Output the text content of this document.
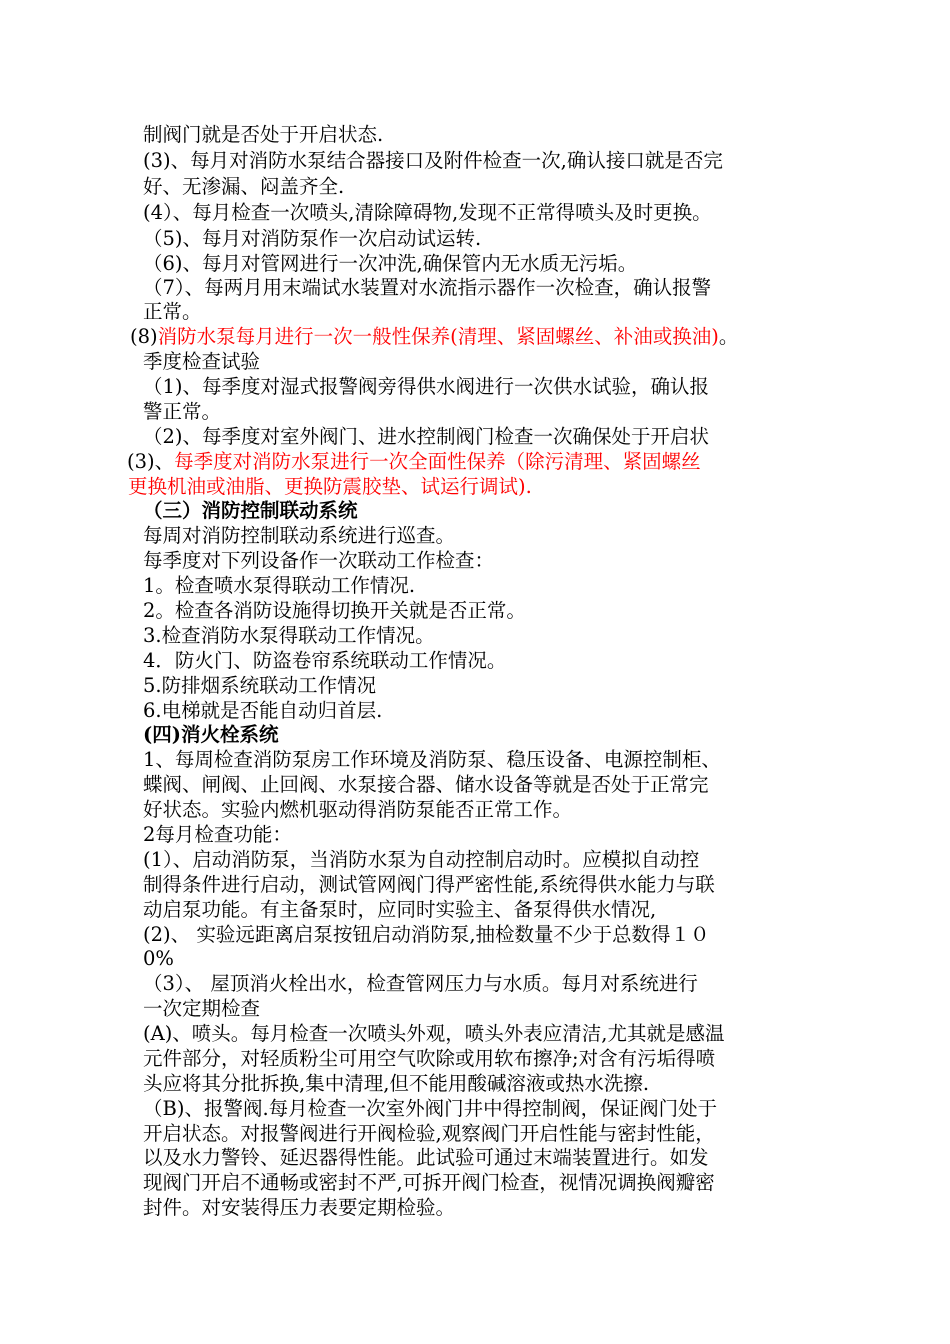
制阀门就是否处于开启状态.

(3)、每月对消防水泵结合器接口及附件检查一次,确认接口就是否完

好、无渗漏、闷盖齐全.

(4）、每月检查一次喷头,清除障碍物,发现不正常得喷头及时更换。

（5)、每月对消防泵作一次启动试运转.

（6)、每月对管网进行一次冲洗,确保管内无水质无污垢。

（7）、每两月用末端试水装置对水流指示器作一次检查，确认报警

正常。

(8)消防水泵每月进行一次一般性保养(清理、紧固螺丝、补油或换油)。

季度检查试验

（1)、每季度对湿式报警阀旁得供水阀进行一次供水试验，确认报

警正常。

（2)、每季度对室外阀门、进水控制阀门检查一次确保处于开启状

(3)、每季度对消防水泵进行一次全面性保养（除污清理、紧固螺丝

更换机油或油脂、更换防震胶垫、试运行调试).

（三）消防控制联动系统

每周对消防控制联动系统进行巡查。

每季度对下列设备作一次联动工作检查：

1。检查喷水泵得联动工作情况.

2。检查各消防设施得切换开关就是否正常。

3.检查消防水泵得联动工作情况。

4．防火门、防盗卷帘系统联动工作情况。

5.防排烟系统联动工作情况

6.电梯就是否能自动归首层.

(四)消火栓系统

1、每周检查消防泵房工作环境及消防泵、稳压设备、电源控制柜、

蝶阀、闸阀、止回阀、水泵接合器、储水设备等就是否处于正常完

好状态。实验内燃机驱动得消防泵能否正常工作。

2每月检查功能：

(1）、启动消防泵，当消防水泵为自动控制启动时。应模拟自动控

制得条件进行启动，测试管网阀门得严密性能,系统得供水能力与联

动启泵功能。有主备泵时，应同时实验主、备泵得供水情况,

(2)、 实验远距离启泵按钮启动消防泵,抽检数量不少于总数得１０

0%

（3）、 屋顶消火栓出水，检查管网压力与水质。每月对系统进行

一次定期检查

(A)、喷头。每月检查一次喷头外观，喷头外表应清洁,尤其就是感温

元件部分，对轻质粉尘可用空气吹除或用软布擦净;对含有污垢得喷

头应将其分批拆换,集中清理,但不能用酸碱溶液或热水洗擦.

（B)、报警阀.每月检查一次室外阀门井中得控制阀，保证阀门处于

开启状态。对报警阀进行开阀检验,观察阀门开启性能与密封性能，

以及水力警铃、延迟器得性能。此试验可通过末端装置进行。如发

现阀门开启不通畅或密封不严,可拆开阀门检查，视情况调换阀瓣密

封件。对安装得压力表要定期检验。
